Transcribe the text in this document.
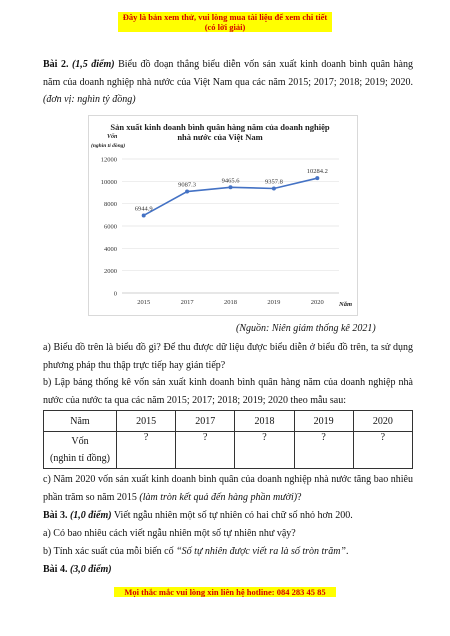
Đây là bản xem thử, vui lòng mua tài liệu để xem chi tiết (có lời giải)
Bài 2. (1,5 điểm) Biểu đồ đoạn thẳng biểu diễn vốn sản xuất kinh doanh bình quân hàng năm của doanh nghiệp nhà nước của Việt Nam qua các năm 2015; 2017; 2018; 2019; 2020. (đơn vị: nghìn tỷ đồng)
Sản xuất kinh doanh bình quân hàng năm của doanh nghiệp
nhà nước của Việt Nam
Vốn
(nghìn tỉ đồng)
Năm
0
2000
4000
6000
8000
10000
12000
2015	2017	2018	2019	2020
6944.9
9087.3
9465.6	9357.8
10284.2
(Nguồn: Niên giám thống kê 2021)
a) Biểu đồ trên là biểu đồ gì? Để thu được dữ liệu được biểu diễn ở biểu đồ trên, ta sử dụng phương pháp thu thập trực tiếp hay gián tiếp?
b) Lập bảng thống kê vốn sản xuất kinh doanh bình quân hàng năm của doanh nghiệp nhà nước của nước ta qua các năm 2015; 2017; 2018; 2019; 2020 theo mẫu sau:
Năm	2015	2017	2018	2019	2020

Vốn
(nghìn tỉ đồng)	?	?	?	?	?
c) Năm 2020 vốn sản xuất kinh doanh bình quân của doanh nghiệp nhà nước tăng bao nhiêu phần trăm so năm 2015 (làm tròn kết quả đến hàng phần mười)?
Bài 3. (1,0 điểm) Viết ngẫu nhiên một số tự nhiên có hai chữ số nhỏ hơn 200.
a) Có bao nhiêu cách viết ngẫu nhiên một số tự nhiên như vậy?
b) Tính xác suất của mỗi biến cố “Số tự nhiên được viết ra là số tròn trăm”.
Bài 4. (3,0 điểm)
Mọi thắc mắc vui lòng xin liên hệ hotline: 084 283 45 85
